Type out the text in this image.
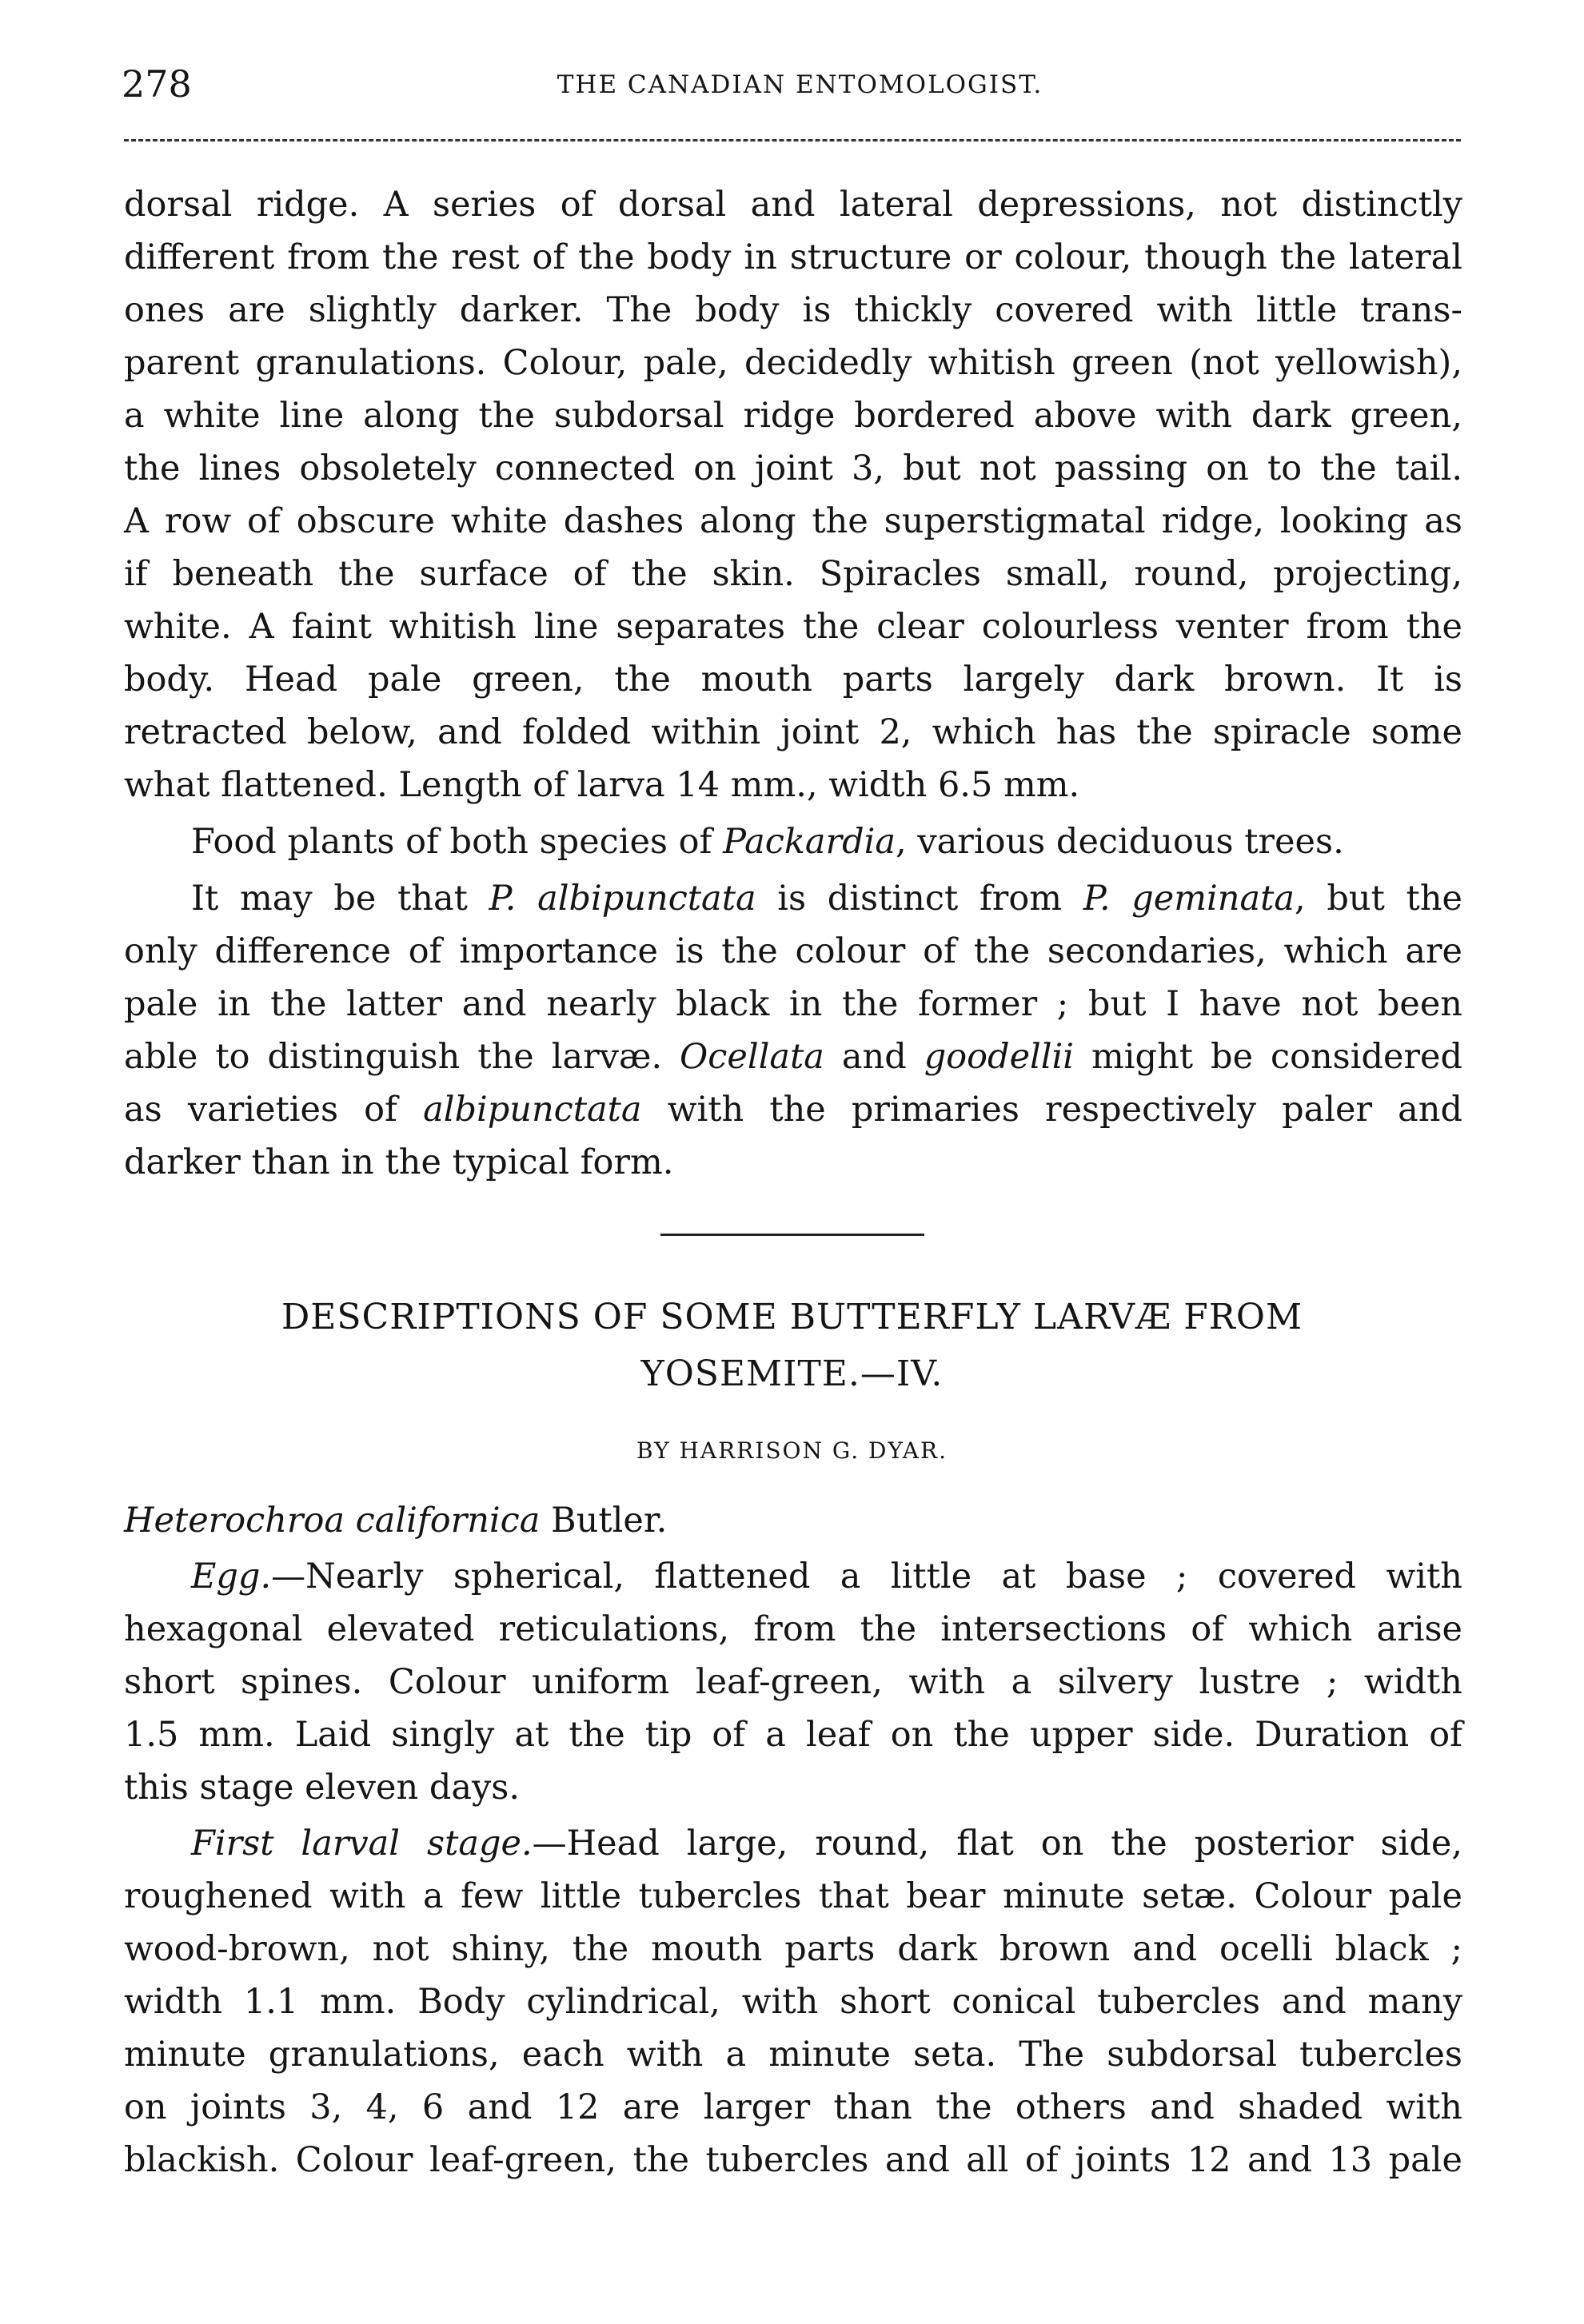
278	THE CANADIAN ENTOMOLOGIST.
dorsal ridge. A series of dorsal and lateral depressions, not distinctly
different from the rest of the body in structure or colour, though the lateral
ones are slightly darker. The body is thickly covered with little trans-
parent granulations. Colour, pale, decidedly whitish green (not yellowish),
a white line along the subdorsal ridge bordered above with dark green,
the lines obsoletely connected on joint 3, but not passing on to the tail.
A row of obscure white dashes along the superstigmatal ridge, looking as
if beneath the surface of the skin. Spiracles small, round, projecting,
white. A faint whitish line separates the clear colourless venter from the
body. Head pale green, the mouth parts largely dark brown. It is
retracted below, and folded within joint 2, which has the spiracle some
what flattened. Length of larva 14 mm., width 6.5 mm.
Food plants of both species of Packardia, various deciduous trees.
It may be that P. albipunctata is distinct from P. geminata, but the
only difference of importance is the colour of the secondaries, which are
pale in the latter and nearly black in the former ; but I have not been
able to distinguish the larvæ. Ocellata and goodellii might be considered
as varieties of albipunctata with the primaries respectively paler and
darker than in the typical form.
DESCRIPTIONS OF SOME BUTTERFLY LARVÆ FROM
YOSEMITE.—IV.
BY HARRISON G. DYAR.
Heterochroa californica Butler.
Egg.—Nearly spherical, flattened a little at base ; covered with
hexagonal elevated reticulations, from the intersections of which arise
short spines. Colour uniform leaf-green, with a silvery lustre ; width
1.5 mm. Laid singly at the tip of a leaf on the upper side. Duration of
this stage eleven days.
First larval stage.—Head large, round, flat on the posterior side,
roughened with a few little tubercles that bear minute setæ. Colour pale
wood-brown, not shiny, the mouth parts dark brown and ocelli black ;
width 1.1 mm. Body cylindrical, with short conical tubercles and many
minute granulations, each with a minute seta. The subdorsal tubercles
on joints 3, 4, 6 and 12 are larger than the others and shaded with
blackish. Colour leaf-green, the tubercles and all of joints 12 and 13 pale
